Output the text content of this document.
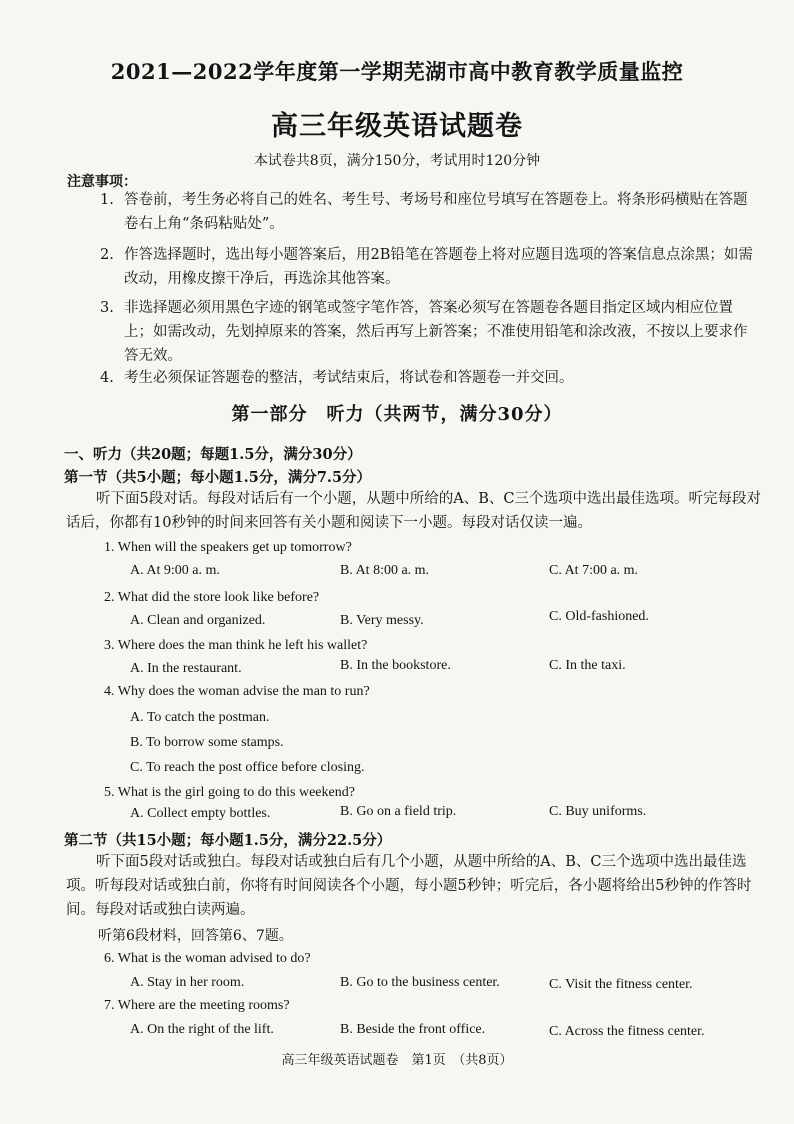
2021—2022学年度第一学期芜湖市高中教育教学质量监控
高三年级英语试题卷
本试卷共8页，满分150分，考试用时120分钟
注意事项：
1. 答卷前，考生务必将自己的姓名、考生号、考场号和座位号填写在答题卷上。将条形码横贴在答题卷右上角“条码粘贴处”。
2. 作答选择题时，选出每小题答案后，用2B铅笔在答题卷上将对应题目选项的答案信息点涂黑；如需改动，用橡皮擦干净后，再选涂其他答案。
3. 非选择题必须用黑色字迹的钢笔或签字笔作答，答案必须写在答题卷各题目指定区域内相应位置上；如需改动，先划掉原来的答案，然后再写上新答案；不准使用铅笔和涂改液，不按以上要求作答无效。
4. 考生必须保证答题卷的整洁，考试结束后，将试卷和答题卷一并交回。
第一部分　听力（共两节，满分30分）
一、听力（共20题；每题1.5分，满分30分）
第一节（共5小题；每小题1.5分，满分7.5分）
听下面5段对话。每段对话后有一个小题，从题中所给的A、B、C三个选项中选出最佳选项。听完每段对话后，你都有10秒钟的时间来回答有关小题和阅读下一小题。每段对话仅读一遍。
1. When will the speakers get up tomorrow?
A. At 9:00 a. m.	B. At 8:00 a. m.	C. At 7:00 a. m.
2. What did the store look like before?
A. Clean and organized.	B. Very messy.	C. Old-fashioned.
3. Where does the man think he left his wallet?
A. In the restaurant.	B. In the bookstore.	C. In the taxi.
4. Why does the woman advise the man to run?
A. To catch the postman.
B. To borrow some stamps.
C. To reach the post office before closing.
5. What is the girl going to do this weekend?
A. Collect empty bottles.	B. Go on a field trip.	C. Buy uniforms.
第二节（共15小题；每小题1.5分，满分22.5分）
听下面5段对话或独白。每段对话或独白后有几个小题，从题中所给的A、B、C三个选项中选出最佳选项。听每段对话或独白前，你将有时间阅读各个小题，每小题5秒钟；听完后，各小题将给出5秒钟的作答时间。每段对话或独白读两遍。
听第6段材料，回答第6、7题。
6. What is the woman advised to do?
A. Stay in her room.	B. Go to the business center.	C. Visit the fitness center.
7. Where are the meeting rooms?
A. On the right of the lift.	B. Beside the front office.	C. Across the fitness center.
高三年级英语试题卷　第1页　（共8页）
